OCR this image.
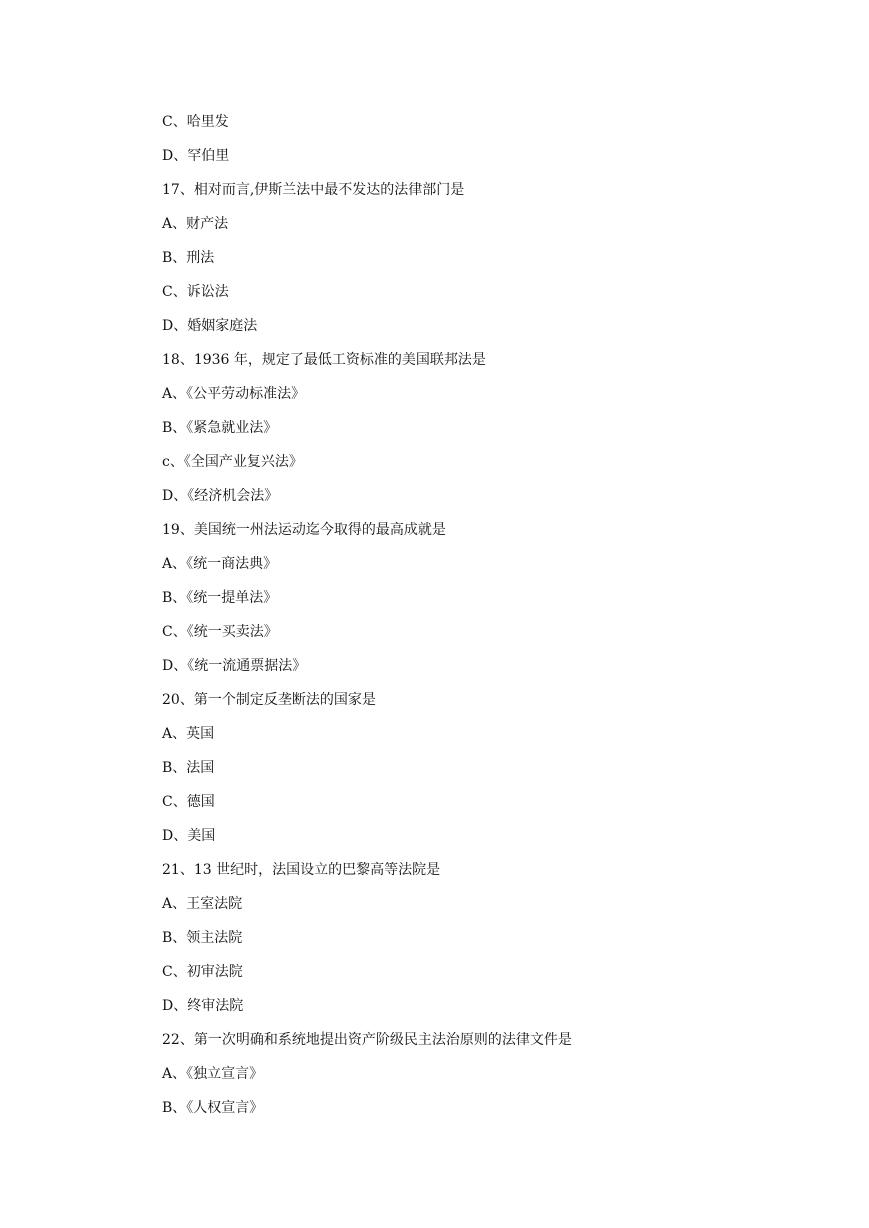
C、哈里发
D、罕伯里
17、相对而言,伊斯兰法中最不发达的法律部门是
A、财产法
B、刑法
C、诉讼法
D、婚姻家庭法
18、1936 年，规定了最低工资标准的美国联邦法是
A、《公平劳动标准法》
B、《紧急就业法》
c、《全国产业复兴法》
D、《经济机会法》
19、美国统一州法运动迄今取得的最高成就是
A、《统一商法典》
B、《统一提单法》
C、《统一买卖法》
D、《统一流通票据法》
20、第一个制定反垄断法的国家是
A、英国
B、法国
C、德国
D、美国
21、13 世纪时，法国设立的巴黎高等法院是
A、王室法院
B、领主法院
C、初审法院
D、终审法院
22、第一次明确和系统地提出资产阶级民主法治原则的法律文件是
A、《独立宣言》
B、《人权宣言》
